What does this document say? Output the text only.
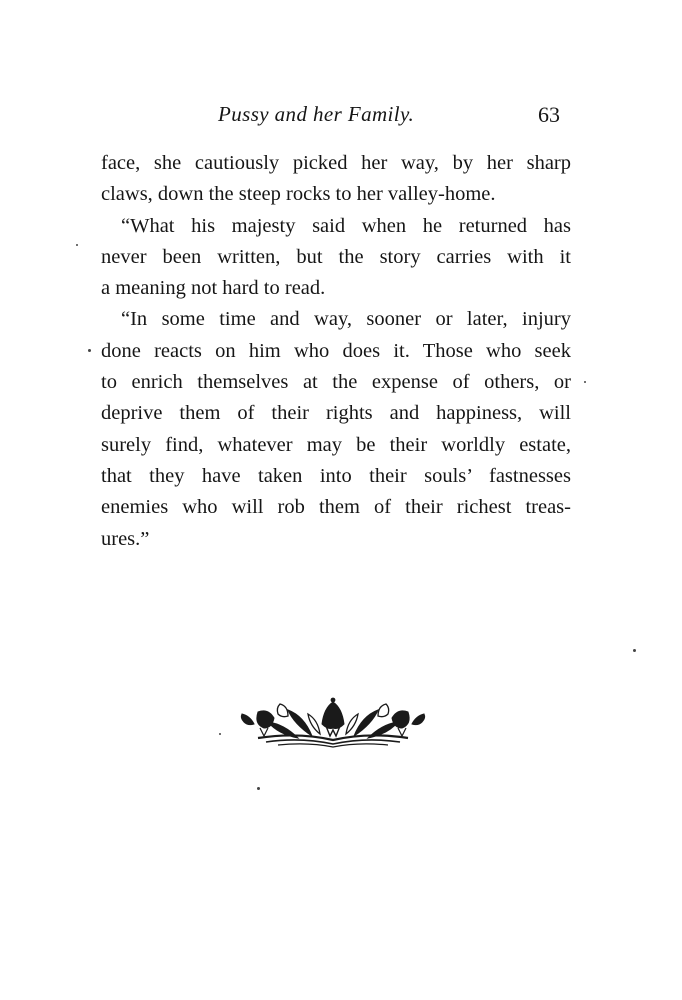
Pussy and her Family.	63
face, she cautiously picked her way, by her sharp
claws, down the steep rocks to her valley-home.
“What his majesty said when he returned has
never been written, but the story carries with it
a meaning not hard to read.
“In some time and way, sooner or later, injury
done reacts on him who does it. Those who seek
to enrich themselves at the expense of others, or
deprive them of their rights and happiness, will
surely find, whatever may be their worldly estate,
that they have taken into their souls’ fastnesses
enemies who will rob them of their richest treas-
ures.”
